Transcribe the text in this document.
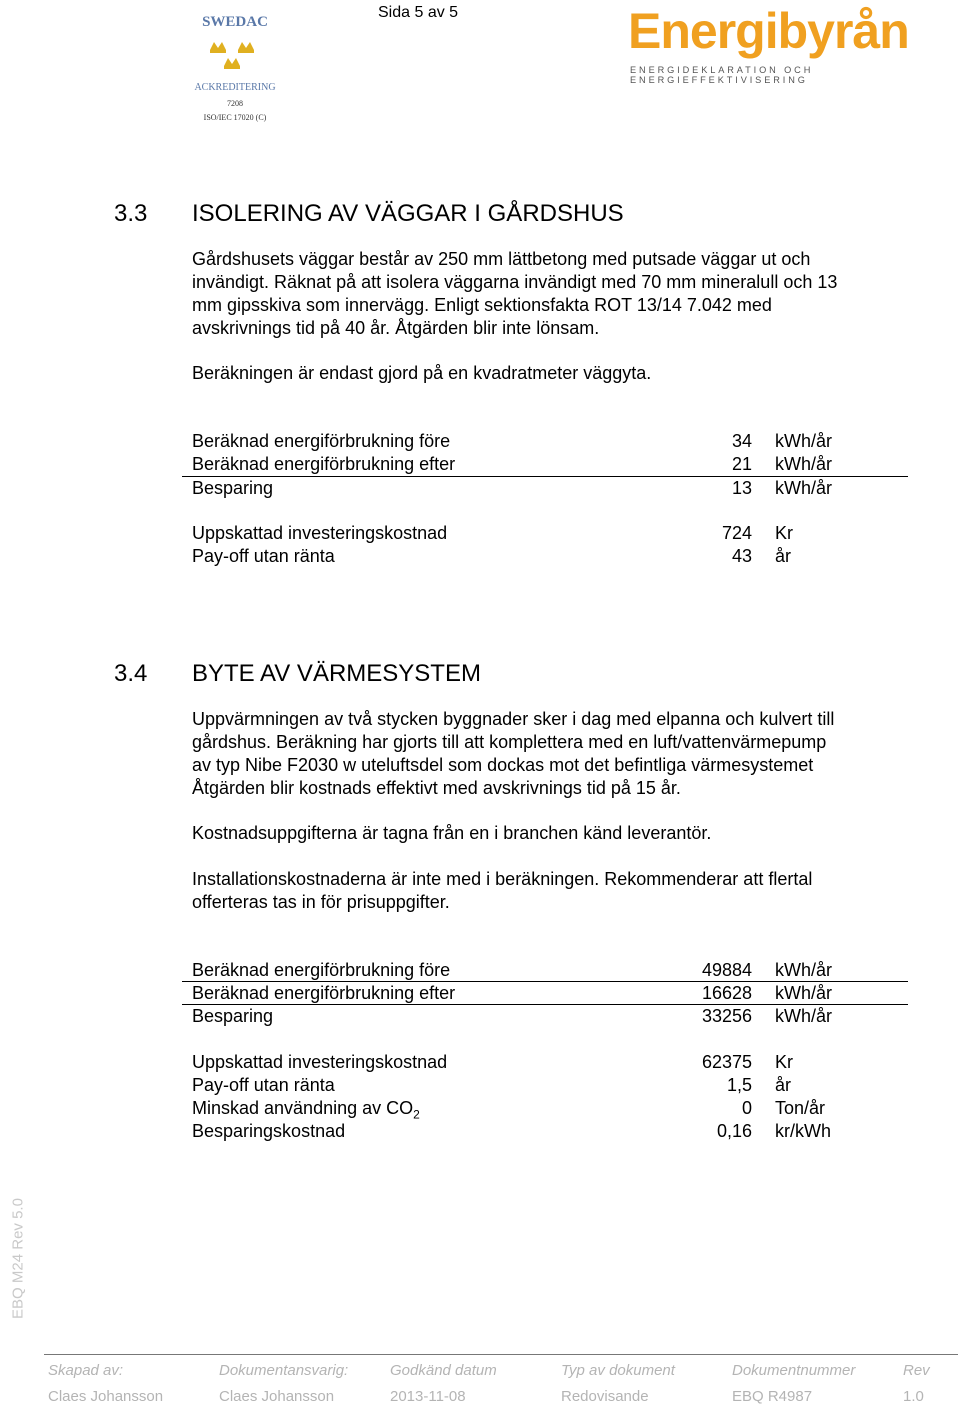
Sida 5 av 5
SWEDAC
ACKREDITERING
7208
ISO/IEC 17020 (C)
Energibyrån
ENERGIDEKLARATION OCH ENERGIEFFEKTIVISERING
3.3 ISOLERING AV VÄGGAR I GÅRDSHUS

Gårdshusets väggar består av 250 mm lättbetong med putsade väggar ut och
invändigt. Räknat på att isolera väggarna invändigt med 70 mm mineralull och 13
mm gipsskiva som innervägg. Enligt sektionsfakta ROT 13/14 7.042 med
avskrivnings tid på 40 år. Åtgärden blir inte lönsam.

Beräkningen är endast gjord på en kvadratmeter väggyta.

Beräknad energiförbrukning före	34 kWh/år
Beräknad energiförbrukning efter	21 kWh/år
Besparing	13 kWh/år
Uppskattad investeringskostnad	724 Kr
Pay-off utan ränta	43 år
3.4 BYTE AV VÄRMESYSTEM

Uppvärmningen av två stycken byggnader sker i dag med elpanna och kulvert till
gårdshus. Beräkning har gjorts till att komplettera med en luft/vattenvärmepump
av typ Nibe F2030 w uteluftsdel som dockas mot det befintliga värmesystemet
Åtgärden blir kostnads effektivt med avskrivnings tid på 15 år.

Kostnadsuppgifterna är tagna från en i branchen känd leverantör.

Installationskostnaderna är inte med i beräkningen. Rekommenderar att flertal
offerteras tas in för prisuppgifter.

Beräknad energiförbrukning före	49884 kWh/år
Beräknad energiförbrukning efter	16628 kWh/år
Besparing	33256 kWh/år
Uppskattad investeringskostnad	62375 Kr
Pay-off utan ränta	1,5 år
Minskad användning av $CO_2$	0 Ton/år
Besparingskostnad	0,16 kr/kWh
EBQ M24 Rev 5.0
Skapad av:	Dokumentansvarig:	Godkänd datum	Typ av dokument	Dokumentnummer	Rev
Claes Johansson	Claes Johansson	2013-11-08	Redovisande	EBQ R4987	1.0
